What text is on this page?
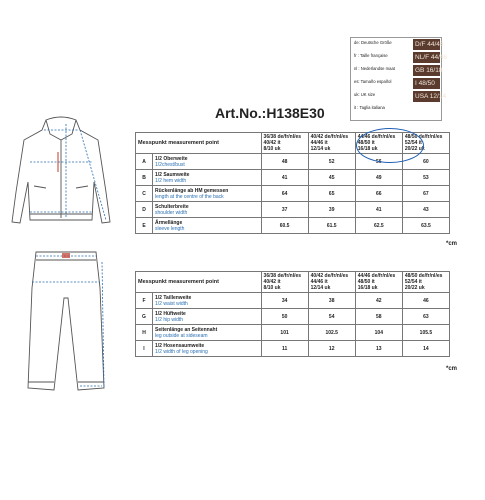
de: Deutsche Größe	D/F 44/46
fr : Taille française	NL/F 44/46
nl : Nederlandse maat	GB 16/18
es: Tamaño español	I 48/50
uk: UK size	USA 12/14
it : Taglia italiana
Art.No.:H138E30
Messpunkt measurement point		36/38 de/fr/nl/es
40/42 it
8/10 uk	40/42 de/fr/nl/es
44/46 it
12/14 uk	44/46 de/fr/nl/es
48/50 it
16/18 uk	48/50 de/fr/nl/es
52/54 it
20/22 uk
A	1/2 Oberweite
1/2chest/bust	48	52	56	60
B	1/2 Saumweite
1/2 hem width	41	45	49	53
C	Rückenlänge ab HM gemessen
length at the centre of the back	64	65	66	67
D	Schulterbreite
shoulder width	37	39	41	43
E	Ärmellänge
sleeve length	60.5	61.5	62.5	63.5
*cm
Messpunkt measurement point		36/38 de/fr/nl/es
40/42 it
8/10 uk	40/42 de/fr/nl/es
44/46 it
12/14 uk	44/46 de/fr/nl/es
48/50 it
16/18 uk	48/50 de/fr/nl/es
52/54 it
20/22 uk
F	1/2 Taillenweite
1/2 waist width	34	38	42	46
G	1/2 Hüftweite
1/2 hip width	50	54	58	63
H	Seitenlänge an Seitennaht
leg outside at sideseam	101	102.5	104	105.5
I	1/2 Hosensaumweite
1/2 width of leg opening	11	12	13	14
*cm
